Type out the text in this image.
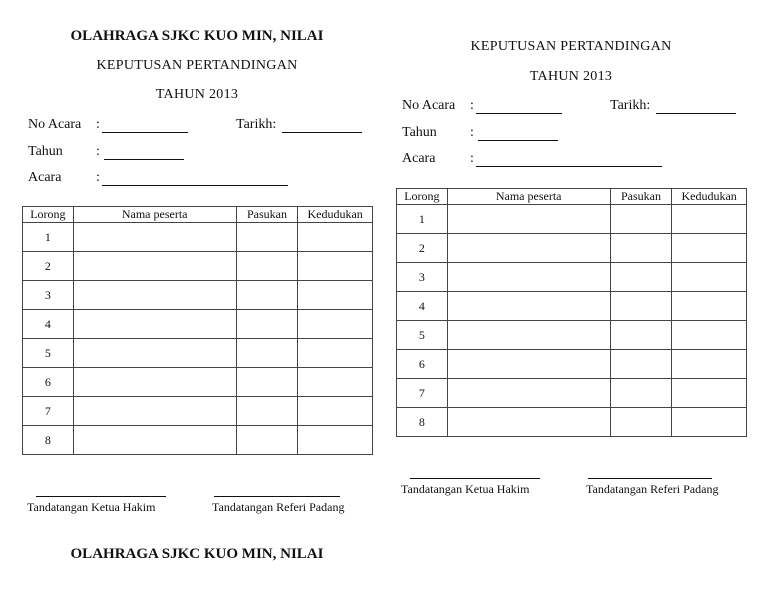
OLAHRAGA SJKC KUO MIN, NILAI
KEPUTUSAN PERTANDINGAN
TAHUN 2013
No Acara :	Tarikh:
Tahun :
Acara :
Lorong	Nama peserta	Pasukan	Kedudukan
1			
2			
3			
4			
5			
6			
7			
8			
Tandatangan Ketua Hakim	Tandatangan Referi Padang
KEPUTUSAN PERTANDINGAN
TAHUN 2013
No Acara :	Tarikh:
Tahun :
Acara :
Lorong	Nama peserta	Pasukan	Kedudukan
1			
2			
3			
4			
5			
6			
7			
8			
Tandatangan Ketua Hakim	Tandatangan Referi Padang
OLAHRAGA SJKC KUO MIN, NILAI
